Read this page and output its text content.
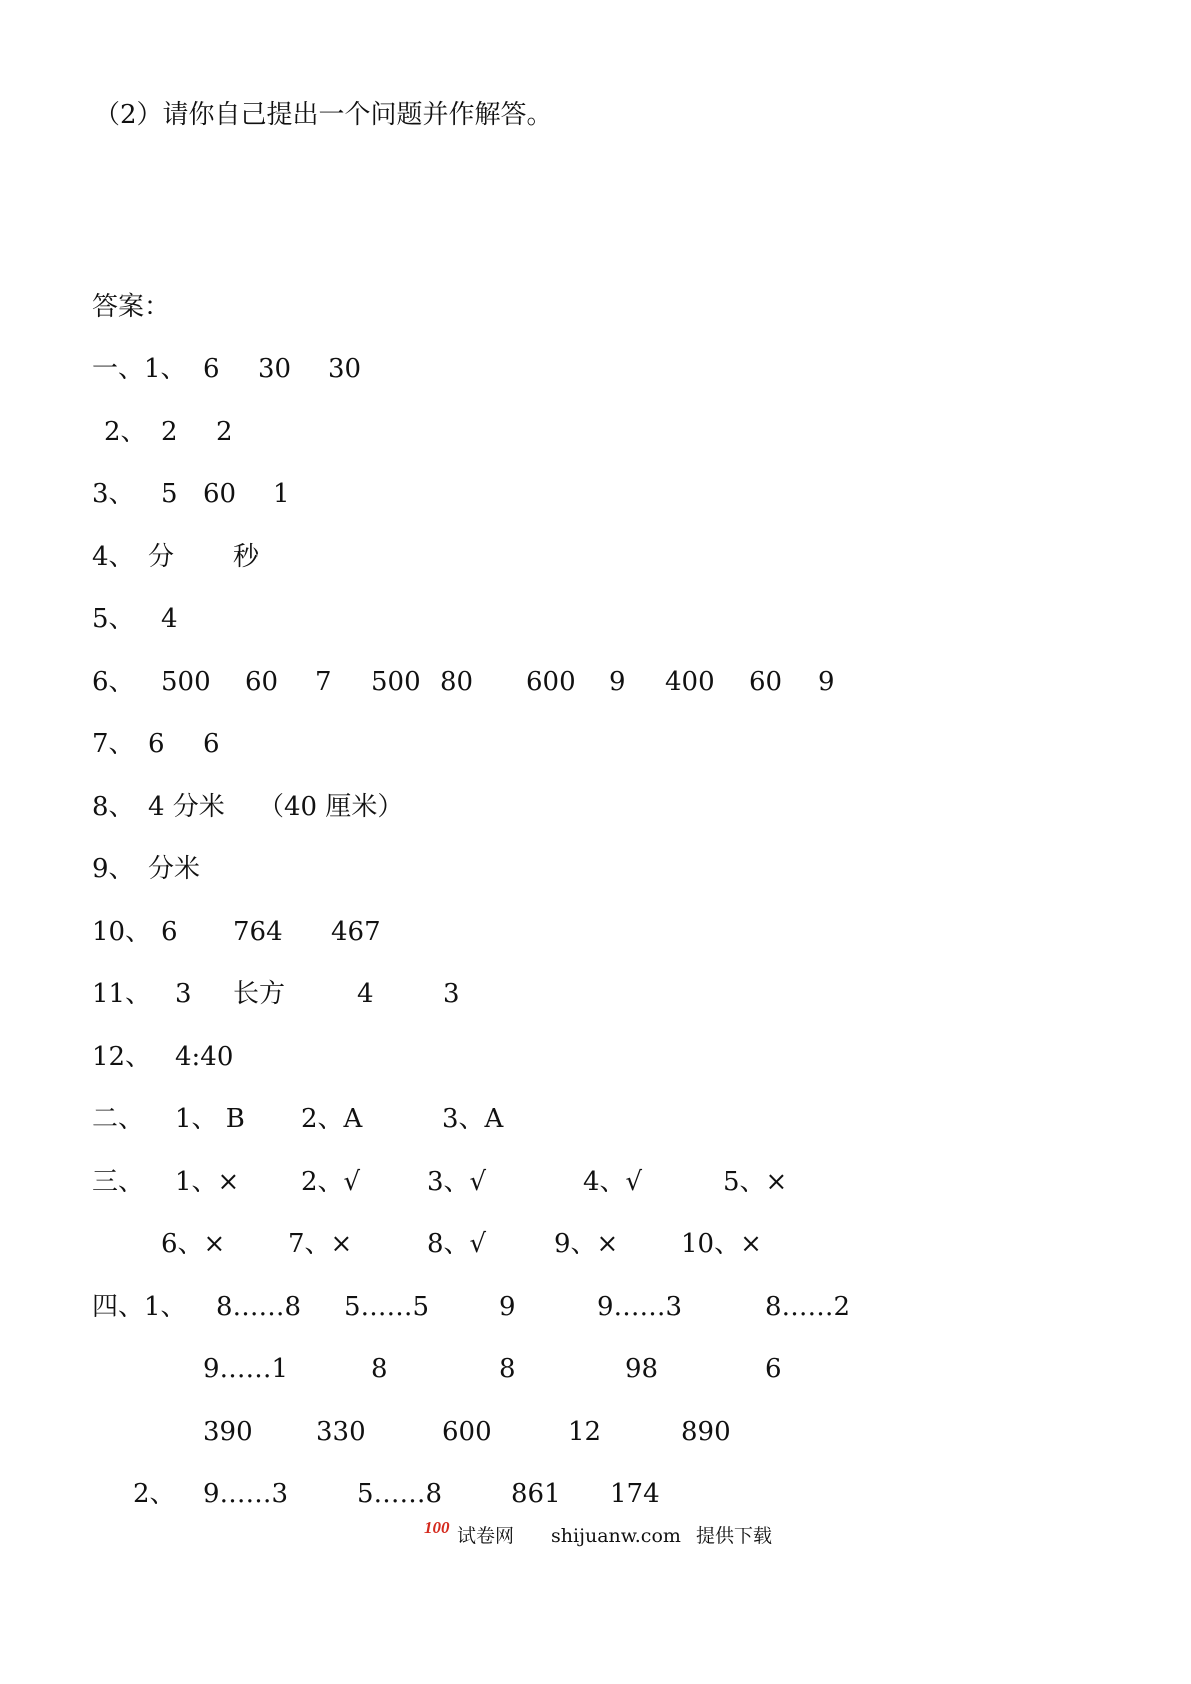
（2）请你自己提出一个问题并作解答。
答案：
一、1、 6 30 30
2、 2 2
3、 5 60 1
4、 分 秒
5、 4
6、 500 60 7 500 80 600 9 400 60 9
7、 6 6
8、 4 分米 （40 厘米）
9、 分米
10、 6 764 467
11、 3 长方	4	3
12、 4:40
二、 1、 B 2、A	3、A
三、 1、× 2、√	3、√	4、√	5、×
6、× 7、×	8、√	9、× 10、×
四、1、 8……8 5……5	9	9……3	8……2
9……1	8	8	98	6
390 330	600	12	890
2、 9……3	5……8	861 174
100 试卷网 shijuanw.com 提供下载
